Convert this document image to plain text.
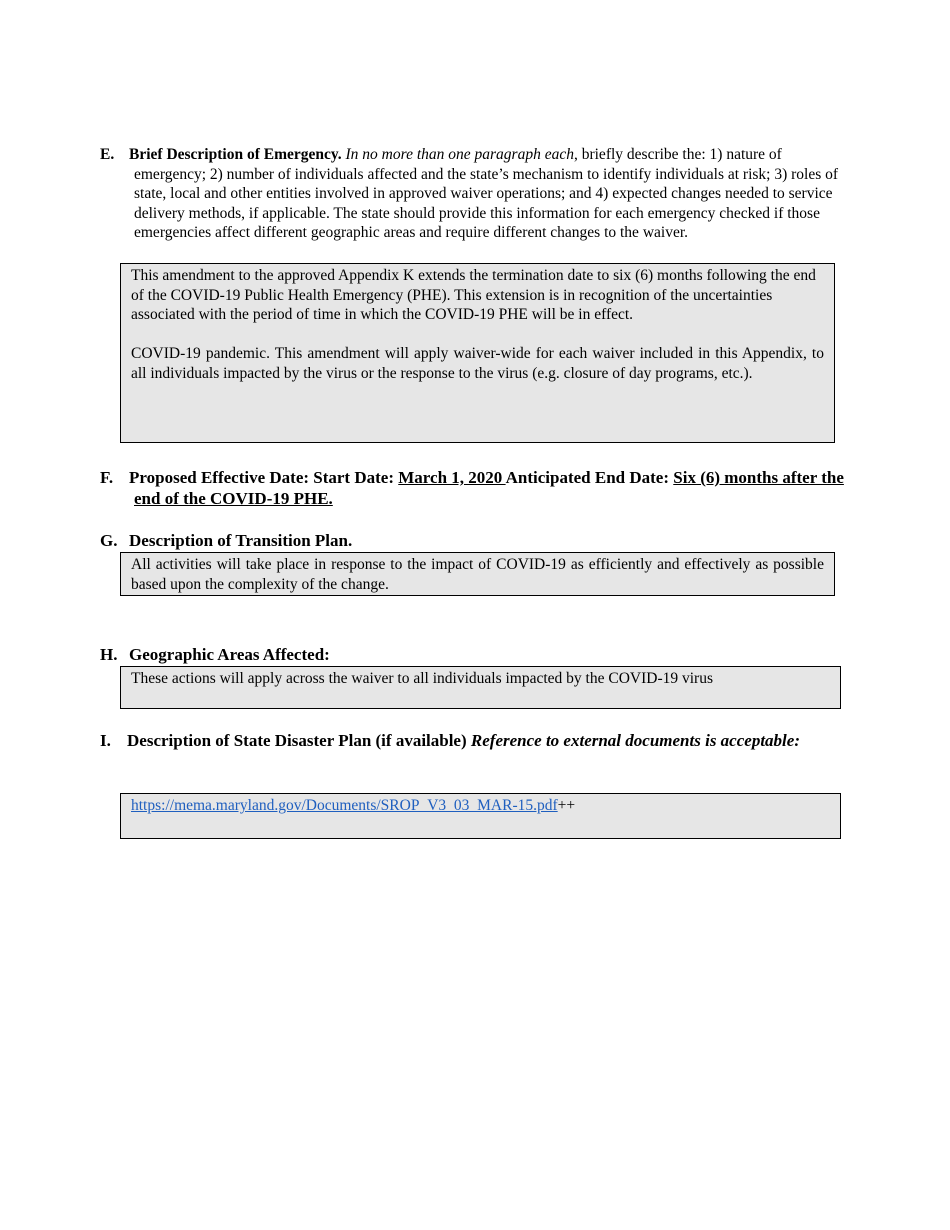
E. Brief Description of Emergency. In no more than one paragraph each, briefly describe the: 1) nature of emergency; 2) number of individuals affected and the state’s mechanism to identify individuals at risk; 3) roles of state, local and other entities involved in approved waiver operations; and 4) expected changes needed to service delivery methods, if applicable. The state should provide this information for each emergency checked if those emergencies affect different geographic areas and require different changes to the waiver.

This amendment to the approved Appendix K extends the termination date to six (6) months following the end of the COVID-19 Public Health Emergency (PHE). This extension is in recognition of the uncertainties associated with the period of time in which the COVID-19 PHE will be in effect.

COVID-19 pandemic. This amendment will apply waiver-wide for each waiver included in this Appendix, to all individuals impacted by the virus or the response to the virus (e.g. closure of day programs, etc.).

F. Proposed Effective Date: Start Date: March 1, 2020 Anticipated End Date: Six (6) months after the end of the COVID-19 PHE.
G. Description of Transition Plan.

All activities will take place in response to the impact of COVID-19 as efficiently and effectively as possible based upon the complexity of the change.

H. Geographic Areas Affected:

These actions will apply across the waiver to all individuals impacted by the COVID-19 virus

I. Description of State Disaster Plan (if available) Reference to external documents is acceptable:

https://mema.maryland.gov/Documents/SROP_V3_03_MAR-15.pdf++
